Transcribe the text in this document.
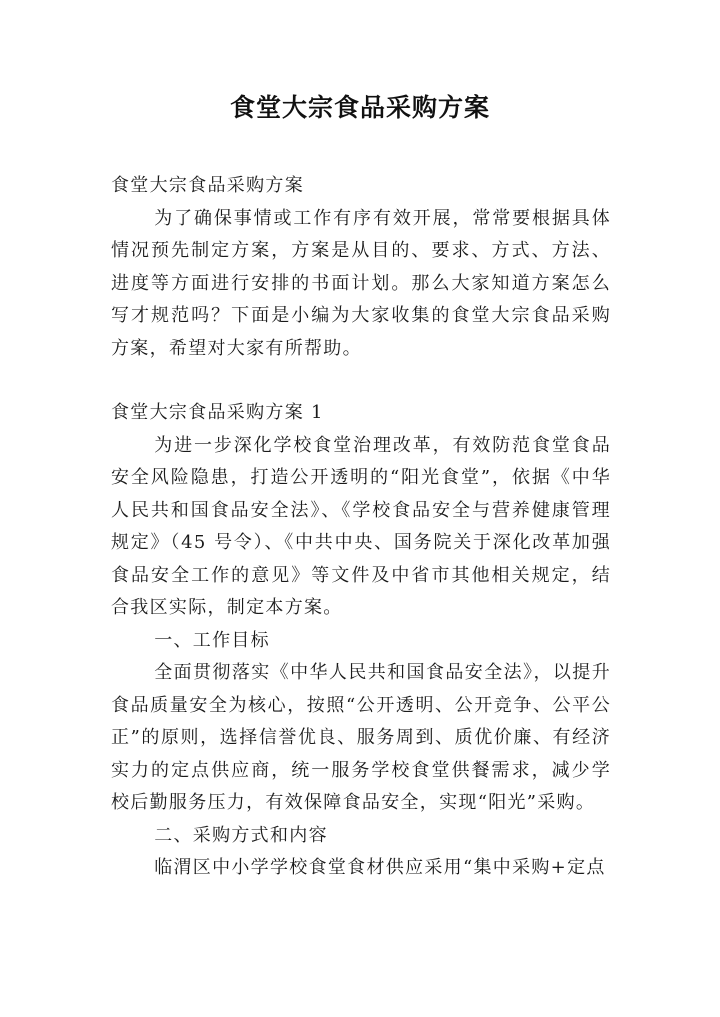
食堂大宗食品采购方案

食堂大宗食品采购方案

为了确保事情或工作有序有效开展，常常要根据具体情况预先制定方案，方案是从目的、要求、方式、方法、进度等方面进行安排的书面计划。那么大家知道方案怎么写才规范吗？下面是小编为大家收集的食堂大宗食品采购方案，希望对大家有所帮助。

食堂大宗食品采购方案 1

为进一步深化学校食堂治理改革，有效防范食堂食品安全风险隐患，打造公开透明的“阳光食堂”，依据《中华人民共和国食品安全法》、《学校食品安全与营养健康管理规定》（45 号令）、《中共中央、国务院关于深化改革加强食品安全工作的意见》等文件及中省市其他相关规定，结合我区实际，制定本方案。

一、工作目标

全面贯彻落实《中华人民共和国食品安全法》，以提升食品质量安全为核心，按照“公开透明、公开竞争、公平公正”的原则，选择信誉优良、服务周到、质优价廉、有经济实力的定点供应商，统一服务学校食堂供餐需求，减少学校后勤服务压力，有效保障食品安全，实现“阳光”采购。

二、采购方式和内容

临渭区中小学学校食堂食材供应采用“集中采购+定点
